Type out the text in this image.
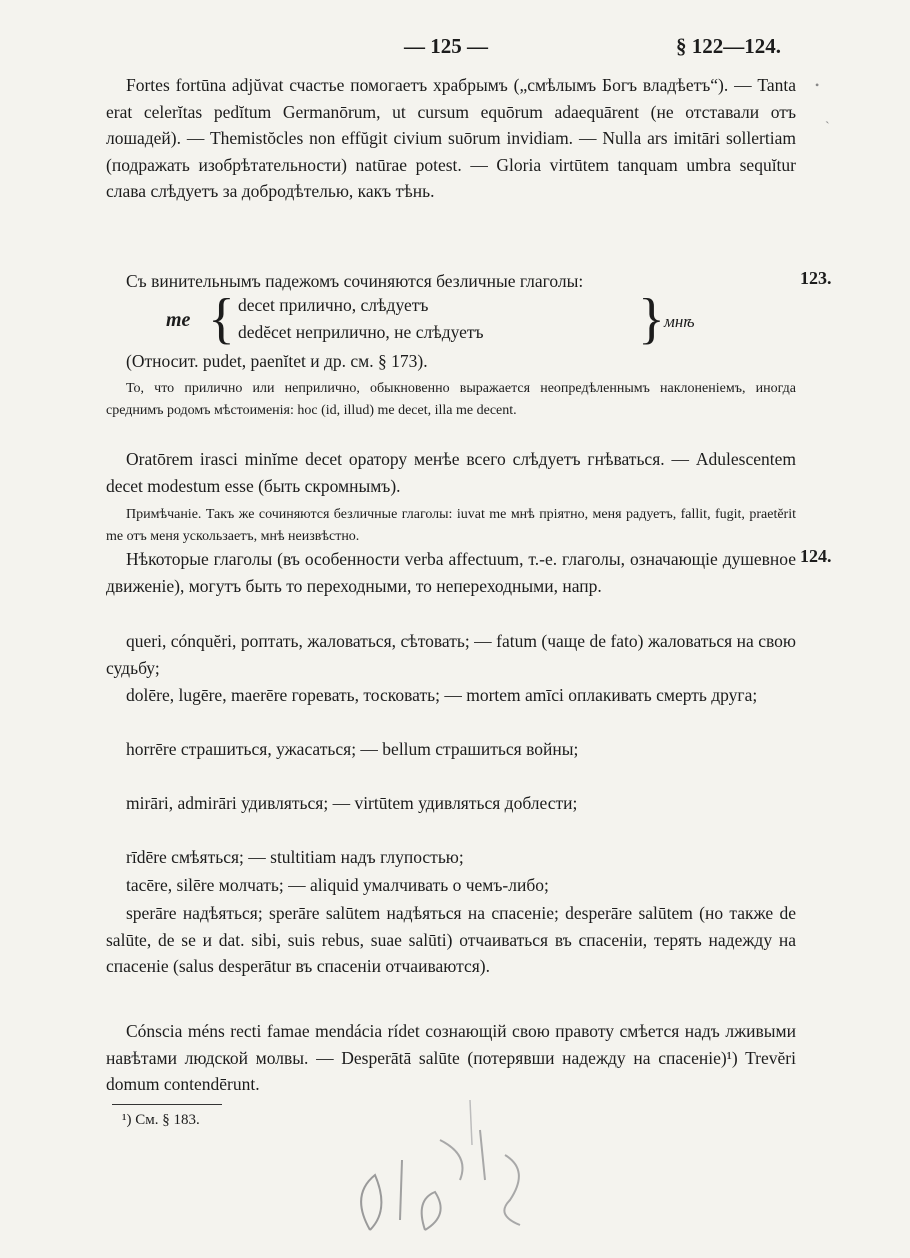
— 125 —	§ 122—124.
Fortes fortūna adjŭvat счастье помогаетъ храбрымъ („смѣлымъ Богъ владѣетъ“). — Tanta erat celerĭtas pedĭtum Germanōrum, ut cursum equōrum adaequārent (не отставали отъ лошадей). — Themistŏcles non effŭgit civium suōrum invidiam. — Nulla ars imitāri sollertiam (подражать изобрѣтательности) natūrae potest. — Gloria virtūtem tanquam umbra sequĭtur слава слѣдуетъ за добродѣтелью, какъ тѣнь.
Съ винительнымъ падежомъ сочиняются безличные глаголы:	123.
me { decet прилично, слѣдуетъ
dedĕcet неприлично, не слѣдуетъ	} мнѣ
(Относит. pudet, paenĭtet и др. см. § 173).
То, что прилично или неприлично, обыкновенно выражается неопредѣленнымъ наклоненіемъ, иногда среднимъ родомъ мѣстоименія: hoc (id, illud) me decet, illa me decent.
Oratōrem irasci minĭme decet оратору менѣе всего слѣдуетъ гнѣваться. — Adulescentem decet modestum esse (быть скромнымъ).
Примѣчаніе. Такъ же сочиняются безличные глаголы: iuvat me мнѣ пріятно, меня радуетъ, fallit, fugit, praetĕrit me отъ меня ускользаетъ, мнѣ неизвѣстно.
Нѣкоторые глаголы (въ особенности verba affectuum, т.-е. глаголы, означающіе душевное движеніе), могутъ быть то переходными, то непереходными, напр.
124.
queri, cónquĕri, роптать, жаловаться, сѣтовать; — fatum (чаще de fato) жаловаться на свою судьбу;
dolēre, lugēre, maerēre горевать, тосковать; — mortem amīci оплакивать смерть друга;
horrēre страшиться, ужасаться; — bellum страшиться войны;
mirāri, admirāri удивляться; — virtūtem удивляться доблести;
rīdēre смѣяться; — stultitiam надъ глупостью;
tacēre, silēre молчать; — aliquid умалчивать о чемъ-либо;
sperāre надѣяться; sperāre salūtem надѣяться на спасеніе; desperāre salūtem (но также de salūte, de se и dat. sibi, suis rebus, suae salūti) отчаиваться въ спасеніи, терять надежду на спасеніе (salus desperātur въ спасеніи отчаиваются).
Cónscia méns recti famae mendácia rídet сознающій свою правоту смѣется надъ лживыми навѣтами людской молвы. — Desperātā salūte (потерявши надежду на спасеніе)¹) Trevĕri domum contendērunt.
¹) См. § 183.
•
`
